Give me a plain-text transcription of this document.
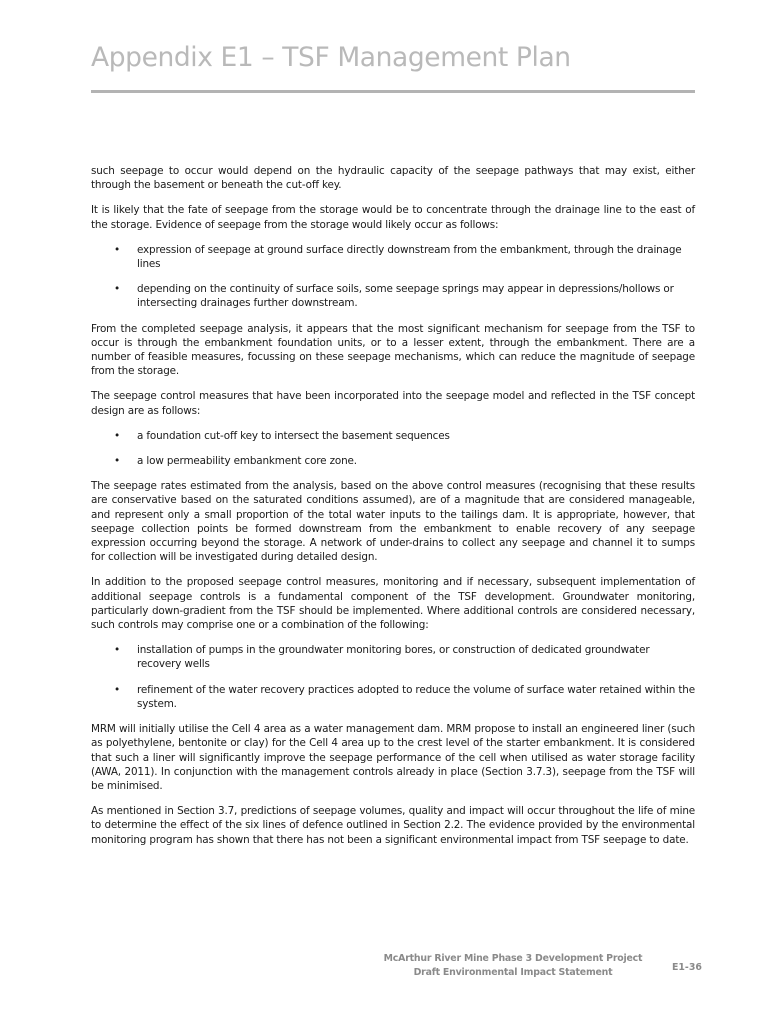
Appendix E1 – TSF Management Plan

such seepage to occur would depend on the hydraulic capacity of the seepage pathways that may exist, either through the basement or beneath the cut-off key.

It is likely that the fate of seepage from the storage would be to concentrate through the drainage line to the east of the storage. Evidence of seepage from the storage would likely occur as follows:

• expression of seepage at ground surface directly downstream from the embankment, through the drainage lines
• depending on the continuity of surface soils, some seepage springs may appear in depressions/hollows or intersecting drainages further downstream.

From the completed seepage analysis, it appears that the most significant mechanism for seepage from the TSF to occur is through the embankment foundation units, or to a lesser extent, through the embankment. There are a number of feasible measures, focussing on these seepage mechanisms, which can reduce the magnitude of seepage from the storage.

The seepage control measures that have been incorporated into the seepage model and reflected in the TSF concept design are as follows:

• a foundation cut-off key to intersect the basement sequences
• a low permeability embankment core zone.

The seepage rates estimated from the analysis, based on the above control measures (recognising that these results are conservative based on the saturated conditions assumed), are of a magnitude that are considered manageable, and represent only a small proportion of the total water inputs to the tailings dam. It is appropriate, however, that seepage collection points be formed downstream from the embankment to enable recovery of any seepage expression occurring beyond the storage. A network of under-drains to collect any seepage and channel it to sumps for collection will be investigated during detailed design.

In addition to the proposed seepage control measures, monitoring and if necessary, subsequent implementation of additional seepage controls is a fundamental component of the TSF development. Groundwater monitoring, particularly down-gradient from the TSF should be implemented. Where additional controls are considered necessary, such controls may comprise one or a combination of the following:

• installation of pumps in the groundwater monitoring bores, or construction of dedicated groundwater recovery wells
• refinement of the water recovery practices adopted to reduce the volume of surface water retained within the system.

MRM will initially utilise the Cell 4 area as a water management dam. MRM propose to install an engineered liner (such as polyethylene, bentonite or clay) for the Cell 4 area up to the crest level of the starter embankment. It is considered that such a liner will significantly improve the seepage performance of the cell when utilised as water storage facility (AWA, 2011). In conjunction with the management controls already in place (Section 3.7.3), seepage from the TSF will be minimised.

As mentioned in Section 3.7, predictions of seepage volumes, quality and impact will occur throughout the life of mine to determine the effect of the six lines of defence outlined in Section 2.2. The evidence provided by the environmental monitoring program has shown that there has not been a significant environmental impact from TSF seepage to date.

McArthur River Mine Phase 3 Development Project
Draft Environmental Impact Statement	E1-36
